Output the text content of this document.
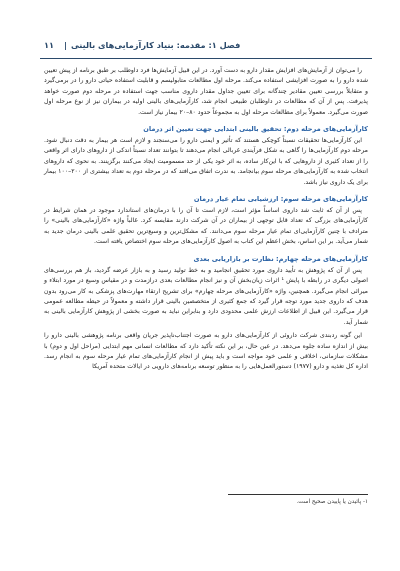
فصل ۱: مقدمه: بنیاد کارآزمایی‌های بالینی
|
۱۱

را می‌توان از آزمایش‌های افزایش مقدار دارو به دست آورد. در این قبیل آزمایش‌ها فرد داوطلب بر طبق برنامه از پیش تعیین شده دارو را به صورت افزایشی استفاده می‌کند. مرحله اول مطالعات متابولیسم و قابلیت استفاده حیاتی دارو را در برمی‌گیرد و متقابلاً بررسی تعیین مقادیر چندگانه برای تعیین جداول مقدار داروی مناسب جهت استفاده در مرحله دوم صورت خواهد پذیرفت. پس از آن که مطالعات در داوطلبان طبیعی انجام شد، کارآزمایی‌های بالینی اولیه در بیماران نیز از نوع مرحله اول صورت می‌گیرد. معمولاً برای مطالعات مرحله اول به مجموعاً حدود ۸۰–۲۰ بیمار نیاز است.

کارآزمایی‌های مرحله دوم: تحقیق بالینی ابتدایی جهت تعیین اثر درمان

این کارآزمایی‌ها تحقیقات نسبتاً کوچکی هستند که تأثیر و ایمنی دارو را می‌سنجند و لازم است هر بیمار به دقت دنبال شود. مرحله دوم کارآزمایی‌ها را گاهی به شکل فرآیندی غربالی انجام می‌دهند تا بتوانند تعداد نسبتاً اندکی از داروهای دارای اثر واقعی را از تعداد کثیری از داروهایی که با این‌کار ساده، به اثر خود یکی از حد مسمومیت ایجاد می‌کنند برگزینند. به نحوی که داروهای انتخاب شده به کارآزمایی‌های مرحله سوم بیانجامد. به ندرت اتفاق می‌افتد که در مرحله دوم به تعداد بیشتری از ۲۰۰–۱۰۰ بیمار برای یک داروی نیاز باشد.

کارآزمایی‌های مرحله سوم: ارزشیابی تمام عیار درمان

پس از آن که ثابت شد داروی اساساً مؤثر است، لازم است تا آن را با درمان‌های استاندارد موجود در همان شرایط در کارآزمایی‌های بزرگی که تعداد قابل توجهی از بیماران در آن شرکت دارند مقایسه کرد. غالباً واژه «کارآزمایی‌های بالینی» را مترادف با چنین کارآزمایی‌ای تمام عیار مرحله سوم می‌دانند. که مشکل‌ترین و وسیع‌ترین تحقیق علمی بالینی درمان جدید به شمار می‌آید. بر این اساس، بخش اعظم این کتاب به اصول کارآزمایی‌های مرحله سوم اختصاص یافته است.

کارآزمایی‌های مرحله چهارم: نظارت بر بازاریابی بعدی

پس از آن که پژوهش به تأیید داروی مورد تحقیق انجامید و به خط تولید رسید و به بازار عرضه گردید، باز هم بررسی‌های اصولی دیگری در رابطه با پایش ¹ اثرات زیان‌بخش آن و نیز انجام مطالعات بعدی درازمدت و در مقیاس وسیع در مورد ابتلاء و میرائی انجام می‌گیرد. همچنین، واژه «کارآزمایی‌های مرحله چهارم» برای تشریح ارتقاء مهارت‌های پزشکی به کار می‌رود بدون هدف که داروی جدید مورد توجه قرار گیرد که جمع کثیری از متخصصین بالینی قرار داشته و معمولاً در حیطه مطالعه عمومی قرار می‌گیرد. این قبیل از اطلاعات ارزش علمی محدودی دارد و بنابراین نباید به صورت بخشی از پژوهش کارآزمایی بالینی به شمار آید.

این گونه ردبندی شرکت داروئی از کارآزمایی‌های دارو به صورت اجتناب‌ناپذیر جریان واقعی برنامه پژوهشی بالینی دارو را بیش از اندازه ساده جلوه می‌دهد. در عین حال، بر این نکته تأکید دارد که مطالعات انسانی مهم ابتدایی (مراحل اول و دوم) با مشکلات سازمانی، اخلاقی و علمی خود مواجه است و باید پیش از انجام کارآزمایی‌های تمام عیار مرحله سوم به انجام رسد. اداره کل تغذیه و دارو (۱۹۷۷) دستورالعمل‌هایی را به منظور توسعه برنامه‌های دارویی در ایالات متحده آمریکا

۱- پائیدن یا پاییدن صحیح است.
